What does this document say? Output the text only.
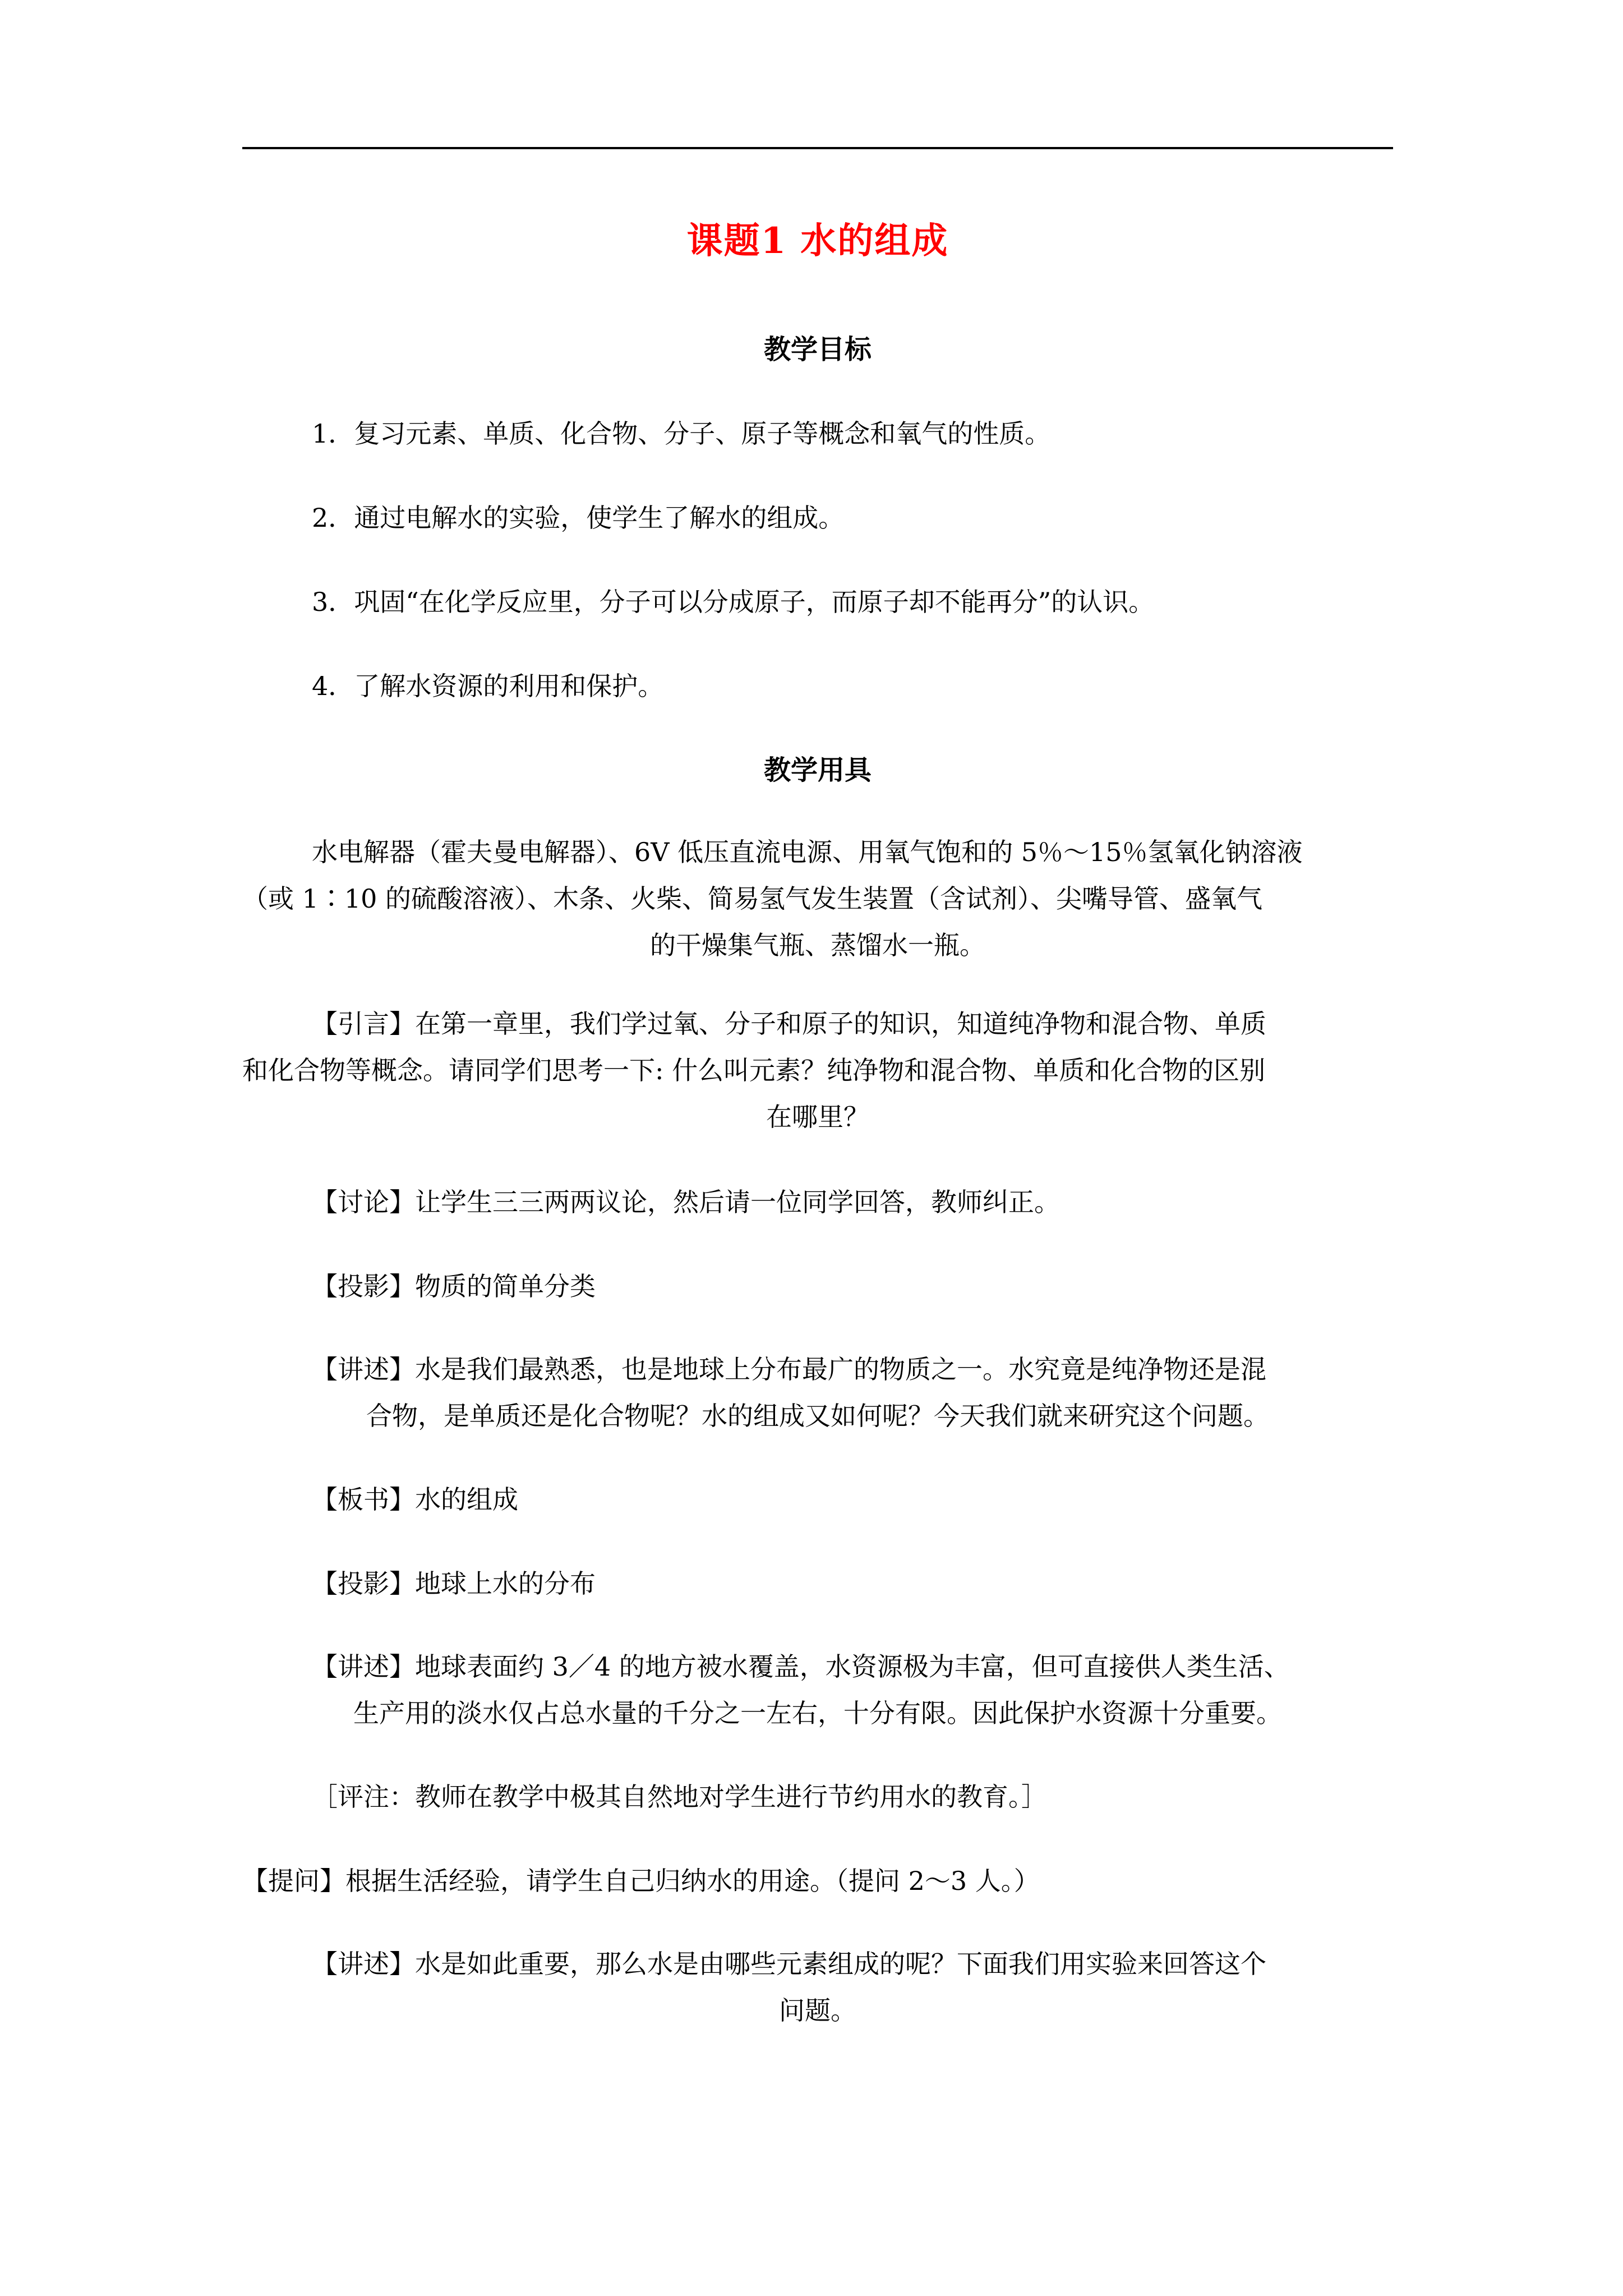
课题1 水的组成
教学目标
1．复习元素、单质、化合物、分子、原子等概念和氧气的性质。
2．通过电解水的实验，使学生了解水的组成。
3．巩固“在化学反应里，分子可以分成原子，而原子却不能再分”的认识。
4．了解水资源的利用和保护。
教学用具
水电解器（霍夫曼电解器）、6V 低压直流电源、用氧气饱和的 5％～15％氢氧化钠溶液
（或 1∶10 的硫酸溶液）、木条、火柴、简易氢气发生装置（含试剂）、尖嘴导管、盛氧气
的干燥集气瓶、蒸馏水一瓶。
【引言】在第一章里，我们学过氧、分子和原子的知识，知道纯净物和混合物、单质
和化合物等概念。请同学们思考一下: 什么叫元素？纯净物和混合物、单质和化合物的区别
在哪里？
【讨论】让学生三三两两议论，然后请一位同学回答，教师纠正。
【投影】物质的简单分类
【讲述】水是我们最熟悉，也是地球上分布最广的物质之一。水究竟是纯净物还是混
合物，是单质还是化合物呢？水的组成又如何呢？今天我们就来研究这个问题。
【板书】水的组成
【投影】地球上水的分布
【讲述】地球表面约 3／4 的地方被水覆盖，水资源极为丰富，但可直接供人类生活、
生产用的淡水仅占总水量的千分之一左右，十分有限。因此保护水资源十分重要。
［评注：教师在教学中极其自然地对学生进行节约用水的教育。］
【提问】根据生活经验，请学生自己归纳水的用途。（提问 2～3 人。）
【讲述】水是如此重要，那么水是由哪些元素组成的呢？下面我们用实验来回答这个
问题。
